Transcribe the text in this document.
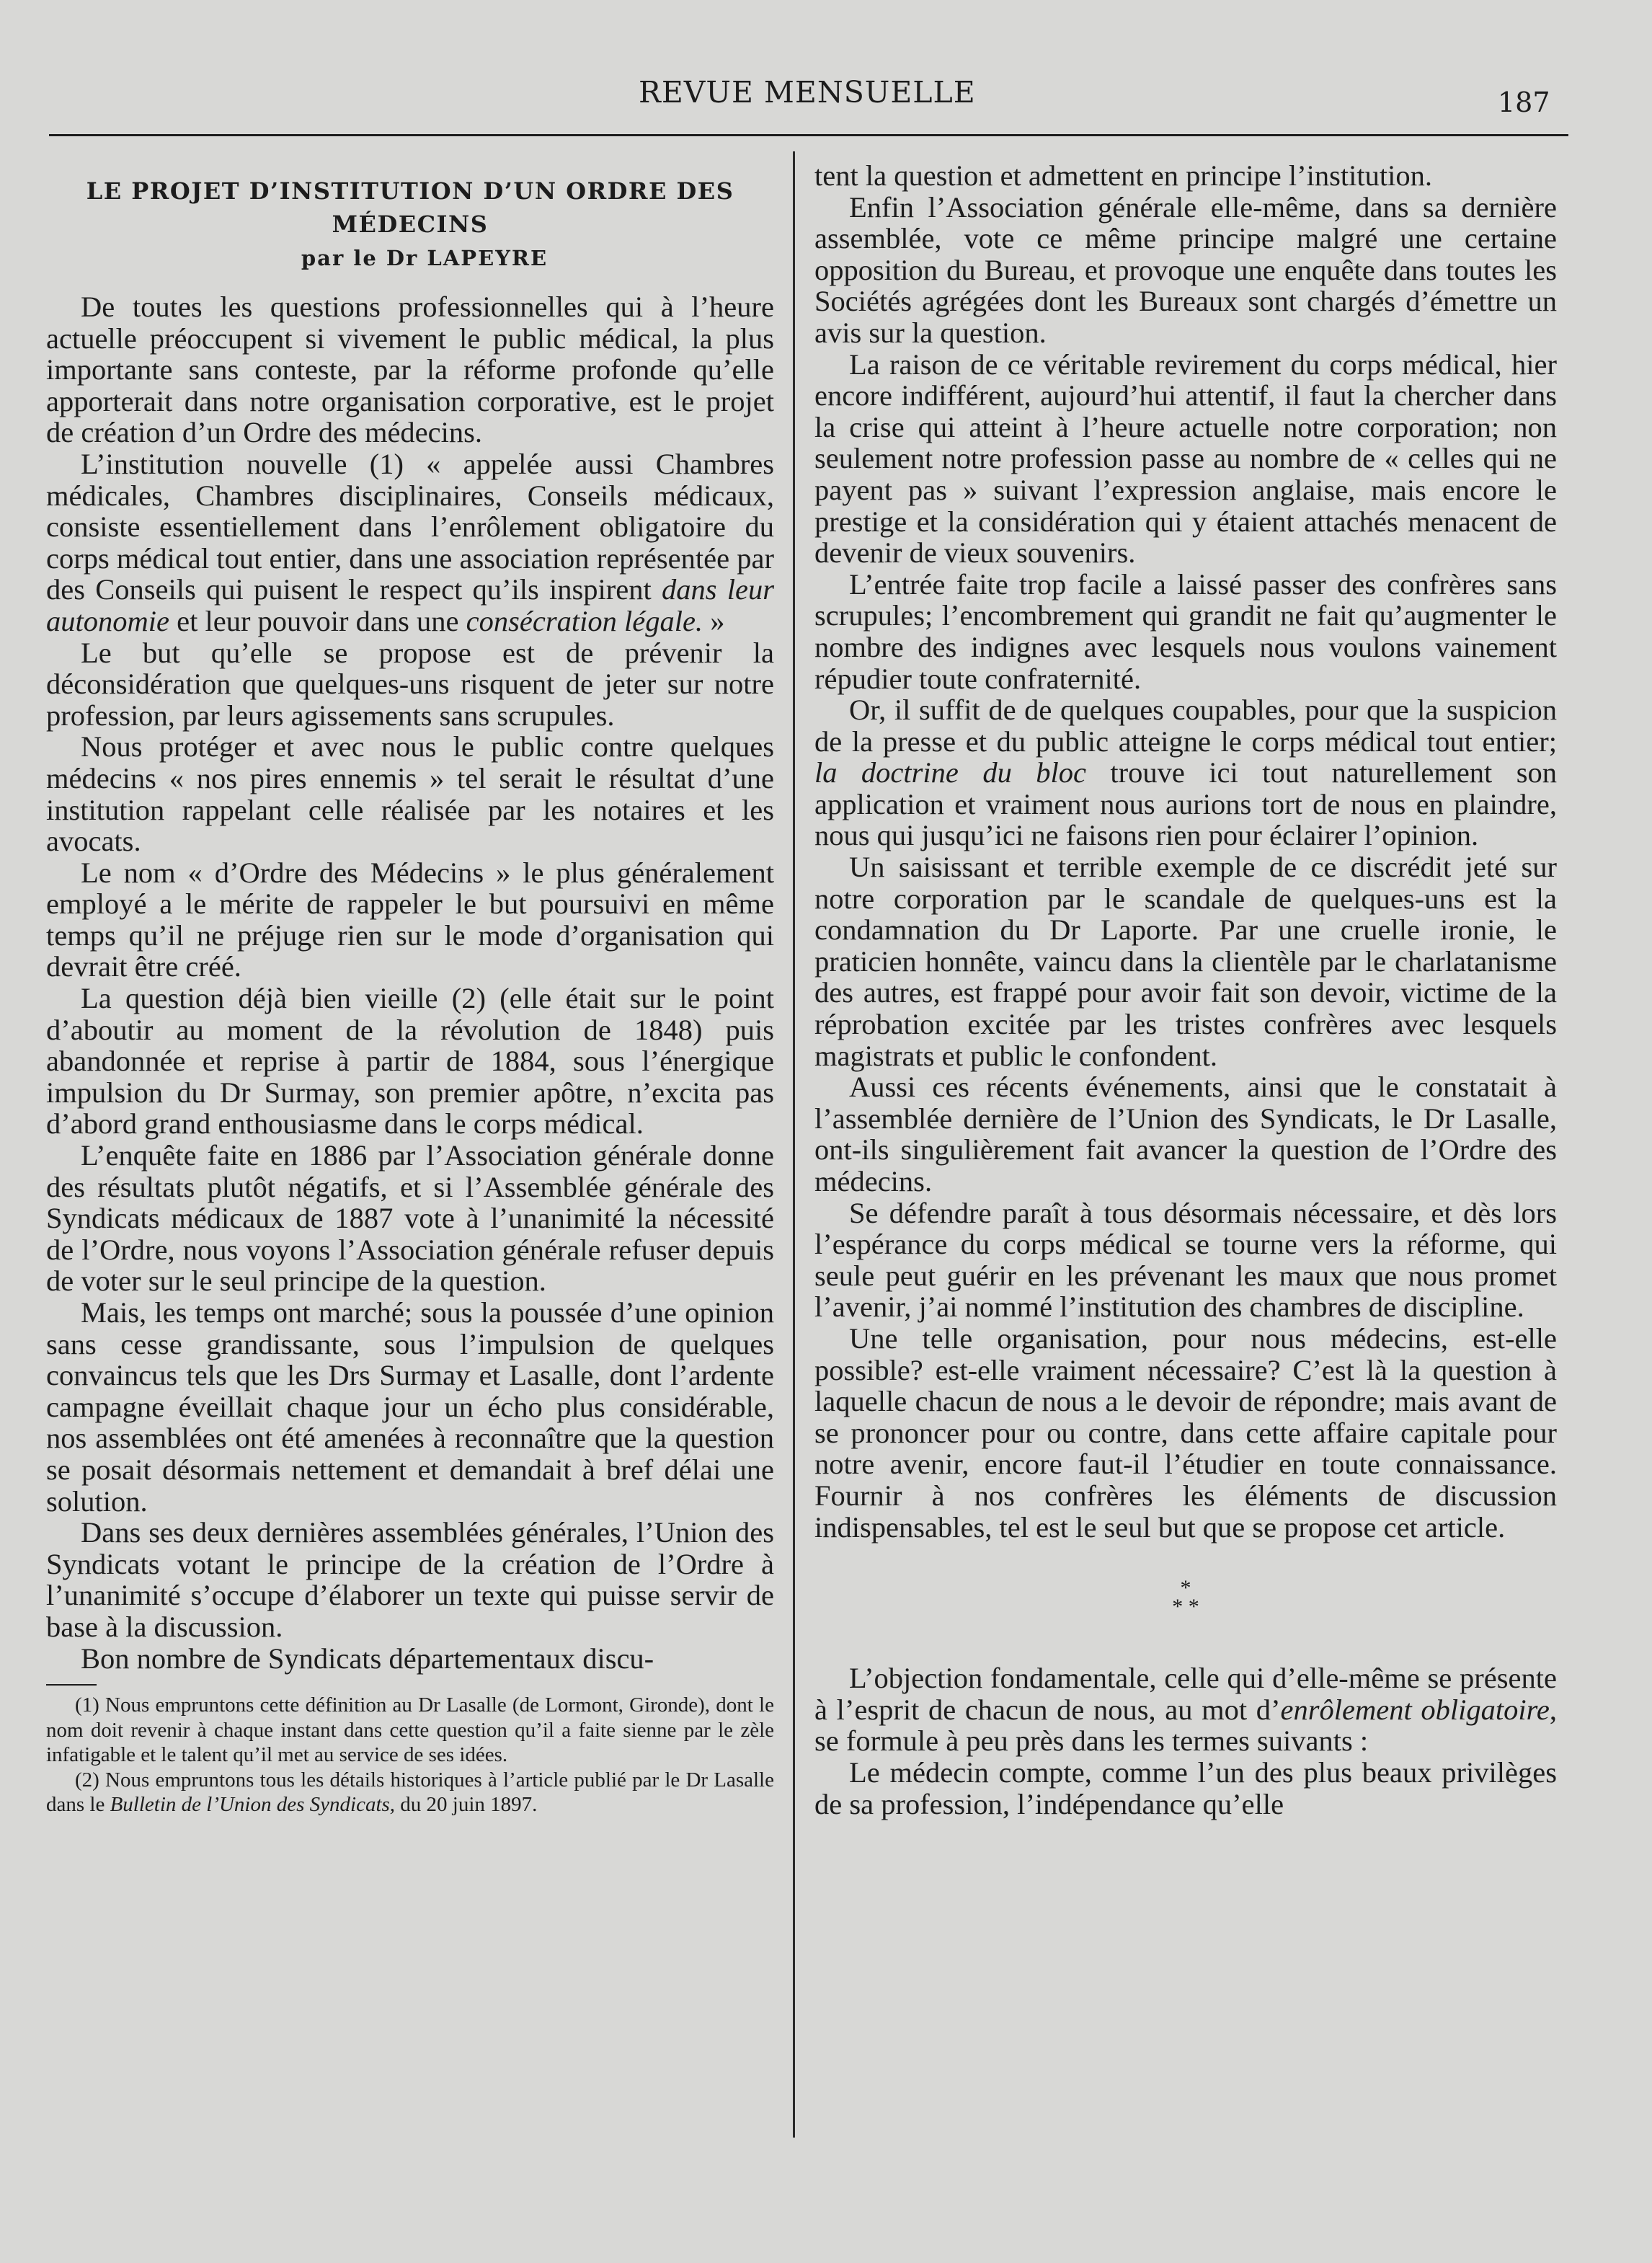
REVUE MENSUELLE	187
LE PROJET D’INSTITUTION D’UN ORDRE DES
MÉDECINS
par le Dr LAPEYRE

De toutes les questions professionnelles qui à l’heure actuelle préoccupent si vivement le public médical, la plus importante sans conteste, par la réforme profonde qu’elle apporterait dans notre organisation corporative, est le projet de création d’un Ordre des médecins.

L’institution nouvelle (1) « appelée aussi Chambres médicales, Chambres disciplinaires, Conseils médicaux, consiste essentiellement dans l’enrôlement obligatoire du corps médical tout entier, dans une association représentée par des Conseils qui puisent le respect qu’ils inspirent dans leur autonomie et leur pouvoir dans une consécration légale. »

Le but qu’elle se propose est de prévenir la déconsidération que quelques-uns risquent de jeter sur notre profession, par leurs agissements sans scrupules.

Nous protéger et avec nous le public contre quelques médecins « nos pires ennemis » tel serait le résultat d’une institution rappelant celle réalisée par les notaires et les avocats.

Le nom « d’Ordre des Médecins » le plus généralement employé a le mérite de rappeler le but poursuivi en même temps qu’il ne préjuge rien sur le mode d’organisation qui devrait être créé.

La question déjà bien vieille (2) (elle était sur le point d’aboutir au moment de la révolution de 1848) puis abandonnée et reprise à partir de 1884, sous l’énergique impulsion du Dr Surmay, son premier apôtre, n’excita pas d’abord grand enthousiasme dans le corps médical.

L’enquête faite en 1886 par l’Association générale donne des résultats plutôt négatifs, et si l’Assemblée générale des Syndicats médicaux de 1887 vote à l’unanimité la nécessité de l’Ordre, nous voyons l’Association générale refuser depuis de voter sur le seul principe de la question.

Mais, les temps ont marché; sous la poussée d’une opinion sans cesse grandissante, sous l’impulsion de quelques convaincus tels que les Drs Surmay et Lasalle, dont l’ardente campagne éveillait chaque jour un écho plus considérable, nos assemblées ont été amenées à reconnaître que la question se posait désormais nettement et demandait à bref délai une solution.

Dans ses deux dernières assemblées générales, l’Union des Syndicats votant le principe de la création de l’Ordre à l’unanimité s’occupe d’élaborer un texte qui puisse servir de base à la discussion.

Bon nombre de Syndicats départementaux discu-

(1) Nous empruntons cette définition au Dr Lasalle (de Lormont, Gironde), dont le nom doit revenir à chaque instant dans cette question qu’il a faite sienne par le zèle infatigable et le talent qu’il met au service de ses idées.

(2) Nous empruntons tous les détails historiques à l’article publié par le Dr Lasalle dans le Bulletin de l’Union des Syndicats, du 20 juin 1897.

tent la question et admettent en principe l’institution.

Enfin l’Association générale elle-même, dans sa dernière assemblée, vote ce même principe malgré une certaine opposition du Bureau, et provoque une enquête dans toutes les Sociétés agrégées dont les Bureaux sont chargés d’émettre un avis sur la question.

La raison de ce véritable revirement du corps médical, hier encore indifférent, aujourd’hui attentif, il faut la chercher dans la crise qui atteint à l’heure actuelle notre corporation; non seulement notre profession passe au nombre de « celles qui ne payent pas » suivant l’expression anglaise, mais encore le prestige et la considération qui y étaient attachés menacent de devenir de vieux souvenirs.

L’entrée faite trop facile a laissé passer des confrères sans scrupules; l’encombrement qui grandit ne fait qu’augmenter le nombre des indignes avec lesquels nous voulons vainement répudier toute confraternité.

Or, il suffit de de quelques coupables, pour que la suspicion de la presse et du public atteigne le corps médical tout entier; la doctrine du bloc trouve ici tout naturellement son application et vraiment nous aurions tort de nous en plaindre, nous qui jusqu’ici ne faisons rien pour éclairer l’opinion.

Un saisissant et terrible exemple de ce discrédit jeté sur notre corporation par le scandale de quelques-uns est la condamnation du Dr Laporte. Par une cruelle ironie, le praticien honnête, vaincu dans la clientèle par le charlatanisme des autres, est frappé pour avoir fait son devoir, victime de la réprobation excitée par les tristes confrères avec lesquels magistrats et public le confondent.

Aussi ces récents événements, ainsi que le constatait à l’assemblée dernière de l’Union des Syndicats, le Dr Lasalle, ont-ils singulièrement fait avancer la question de l’Ordre des médecins.

Se défendre paraît à tous désormais nécessaire, et dès lors l’espérance du corps médical se tourne vers la réforme, qui seule peut guérir en les prévenant les maux que nous promet l’avenir, j’ai nommé l’institution des chambres de discipline.

Une telle organisation, pour nous médecins, est-elle possible? est-elle vraiment nécessaire? C’est là la question à laquelle chacun de nous a le devoir de répondre; mais avant de se prononcer pour ou contre, dans cette affaire capitale pour notre avenir, encore faut-il l’étudier en toute connaissance. Fournir à nos confrères les éléments de discussion indispensables, tel est le seul but que se propose cet article.

*
* *

L’objection fondamentale, celle qui d’elle-même se présente à l’esprit de chacun de nous, au mot d’enrôlement obligatoire, se formule à peu près dans les termes suivants :

Le médecin compte, comme l’un des plus beaux privilèges de sa profession, l’indépendance qu’elle
